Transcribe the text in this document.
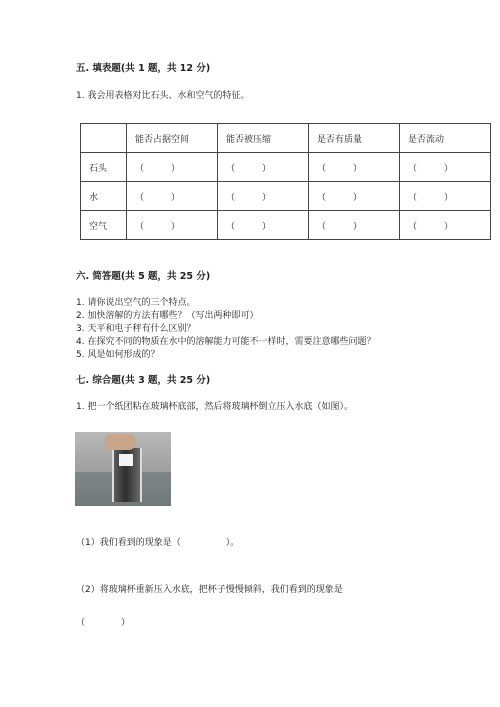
五. 填表题(共 1 题，共 12 分)
1. 我会用表格对比石头、水和空气的特征。
	能否占据空间	能否被压缩	是否有质量	是否流动
石头	（　　　）	（　　　）	（　　　）	（　　　）
水	（　　　）	（　　　）	（　　　）	（　　　）
空气	（　　　）	（　　　）	（　　　）	（　　　）
六. 简答题(共 5 题，共 25 分)
1. 请你说出空气的三个特点。
2. 加快溶解的方法有哪些？（写出两种即可）
3. 天平和电子秤有什么区别？
4. 在探究不同的物质在水中的溶解能力可能不一样时，需要注意哪些问题？
5. 风是如何形成的？
七. 综合题(共 3 题，共 25 分)
1. 把一个纸团粘在玻璃杯底部，然后将玻璃杯倒立压入水底（如图）。
（1）我们看到的现象是（　　　　　）。
（2）将玻璃杯重新压入水底，把杯子慢慢倾斜，我们看到的现象是
（　　　　）
